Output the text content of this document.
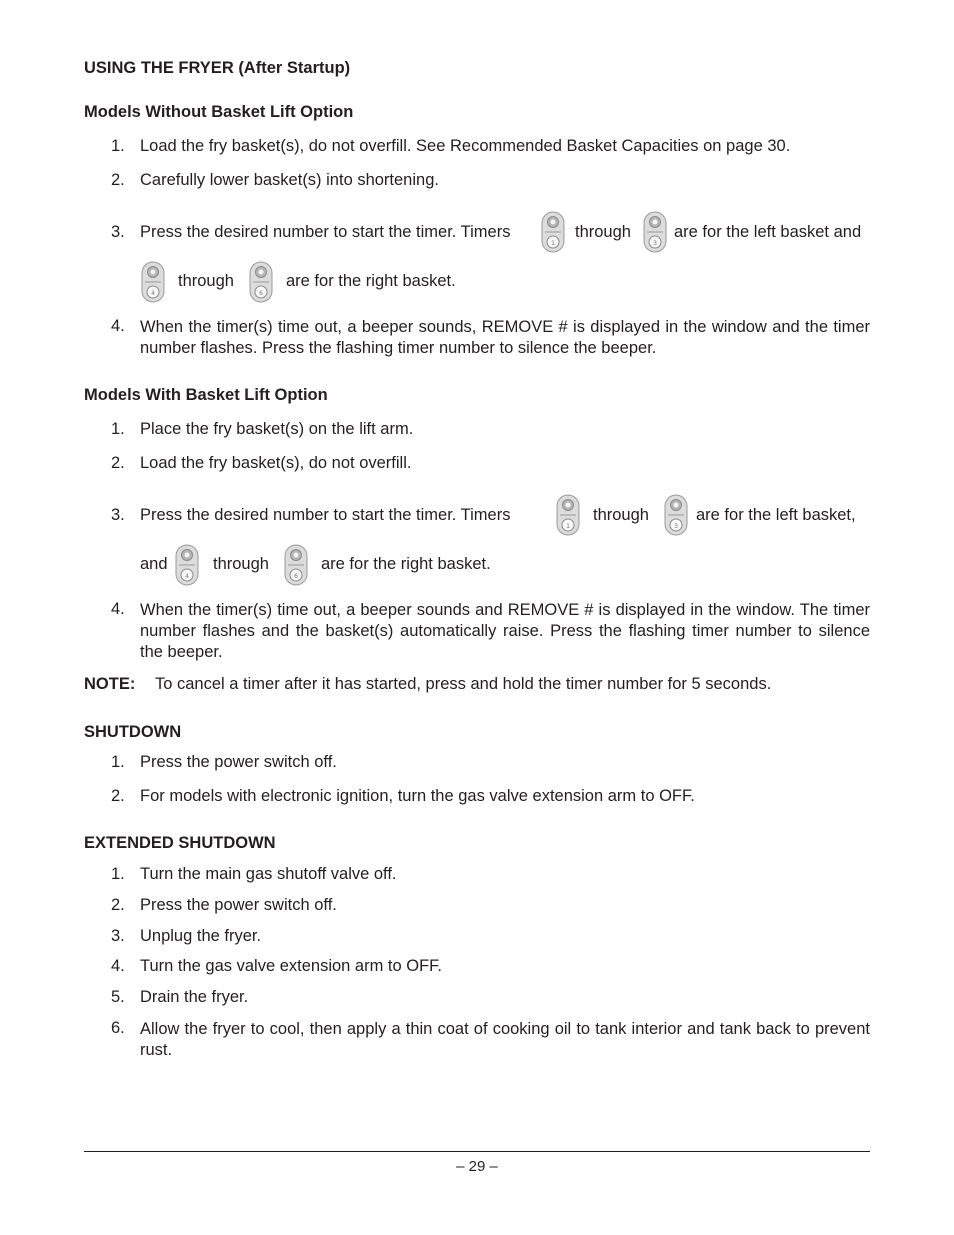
USING THE FRYER (After Startup)
Models Without Basket Lift Option
1. Load the fry basket(s), do not overfill. See Recommended Basket Capacities on page 30.
2. Carefully lower basket(s) into shortening.
3. Press the desired number to start the timer. Timers
1
through
3
are for the left basket and
4
through
6
are for the right basket.
4. When the timer(s) time out, a beeper sounds, REMOVE # is displayed in the window and the timer number flashes. Press the flashing timer number to silence the beeper.
Models With Basket Lift Option
1. Place the fry basket(s) on the lift arm.
2. Load the fry basket(s), do not overfill.
3. Press the desired number to start the timer. Timers
1
through
3
are for the left basket,
and
4
through
6
are for the right basket.
4. When the timer(s) time out, a beeper sounds and REMOVE # is displayed in the window. The timer number flashes and the basket(s) automatically raise. Press the flashing timer number to silence the beeper.
NOTE: To cancel a timer after it has started, press and hold the timer number for 5 seconds.
SHUTDOWN
1. Press the power switch off.
2. For models with electronic ignition, turn the gas valve extension arm to OFF.
EXTENDED SHUTDOWN
1. Turn the main gas shutoff valve off.
2. Press the power switch off.
3. Unplug the fryer.
4. Turn the gas valve extension arm to OFF.
5. Drain the fryer.
6. Allow the fryer to cool, then apply a thin coat of cooking oil to tank interior and tank back to prevent rust.
– 29 –
